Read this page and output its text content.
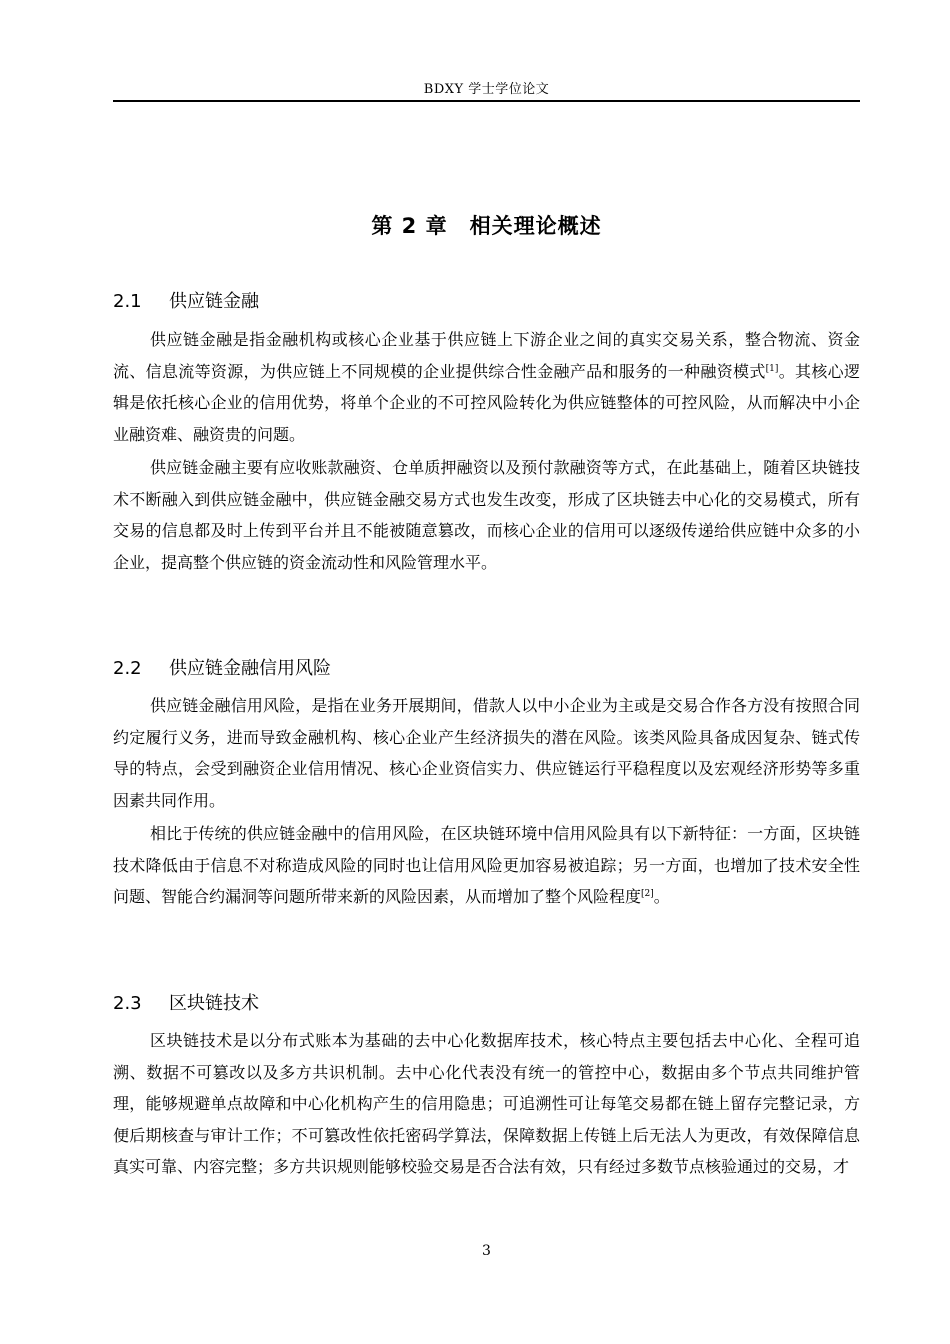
BDXY 学士学位论文
第 2 章　相关理论概述
2.1 供应链金融

供应链金融是指金融机构或核心企业基于供应链上下游企业之间的真实交易关系，整合物流、资金流、信息流等资源，为供应链上不同规模的企业提供综合性金融产品和服务的一种融资模式[1]。其核心逻辑是依托核心企业的信用优势，将单个企业的不可控风险转化为供应链整体的可控风险，从而解决中小企业融资难、融资贵的问题。

供应链金融主要有应收账款融资、仓单质押融资以及预付款融资等方式，在此基础上，随着区块链技术不断融入到供应链金融中，供应链金融交易方式也发生改变，形成了区块链去中心化的交易模式，所有交易的信息都及时上传到平台并且不能被随意篡改，而核心企业的信用可以逐级传递给供应链中众多的小企业，提高整个供应链的资金流动性和风险管理水平。

2.2 供应链金融信用风险

供应链金融信用风险，是指在业务开展期间，借款人以中小企业为主或是交易合作各方没有按照合同约定履行义务，进而导致金融机构、核心企业产生经济损失的潜在风险。该类风险具备成因复杂、链式传导的特点，会受到融资企业信用情况、核心企业资信实力、供应链运行平稳程度以及宏观经济形势等多重因素共同作用。

相比于传统的供应链金融中的信用风险，在区块链环境中信用风险具有以下新特征：一方面，区块链技术降低由于信息不对称造成风险的同时也让信用风险更加容易被追踪；另一方面，也增加了技术安全性问题、智能合约漏洞等问题所带来新的风险因素，从而增加了整个风险程度[2]。

2.3 区块链技术

区块链技术是以分布式账本为基础的去中心化数据库技术，核心特点主要包括去中心化、全程可追溯、数据不可篡改以及多方共识机制。去中心化代表没有统一的管控中心，数据由多个节点共同维护管理，能够规避单点故障和中心化机构产生的信用隐患；可追溯性可让每笔交易都在链上留存完整记录，方便后期核查与审计工作；不可篡改性依托密码学算法，保障数据上传链上后无法人为更改，有效保障信息真实可靠、内容完整；多方共识规则能够校验交易是否合法有效，只有经过多数节点核验通过的交易，才

3
